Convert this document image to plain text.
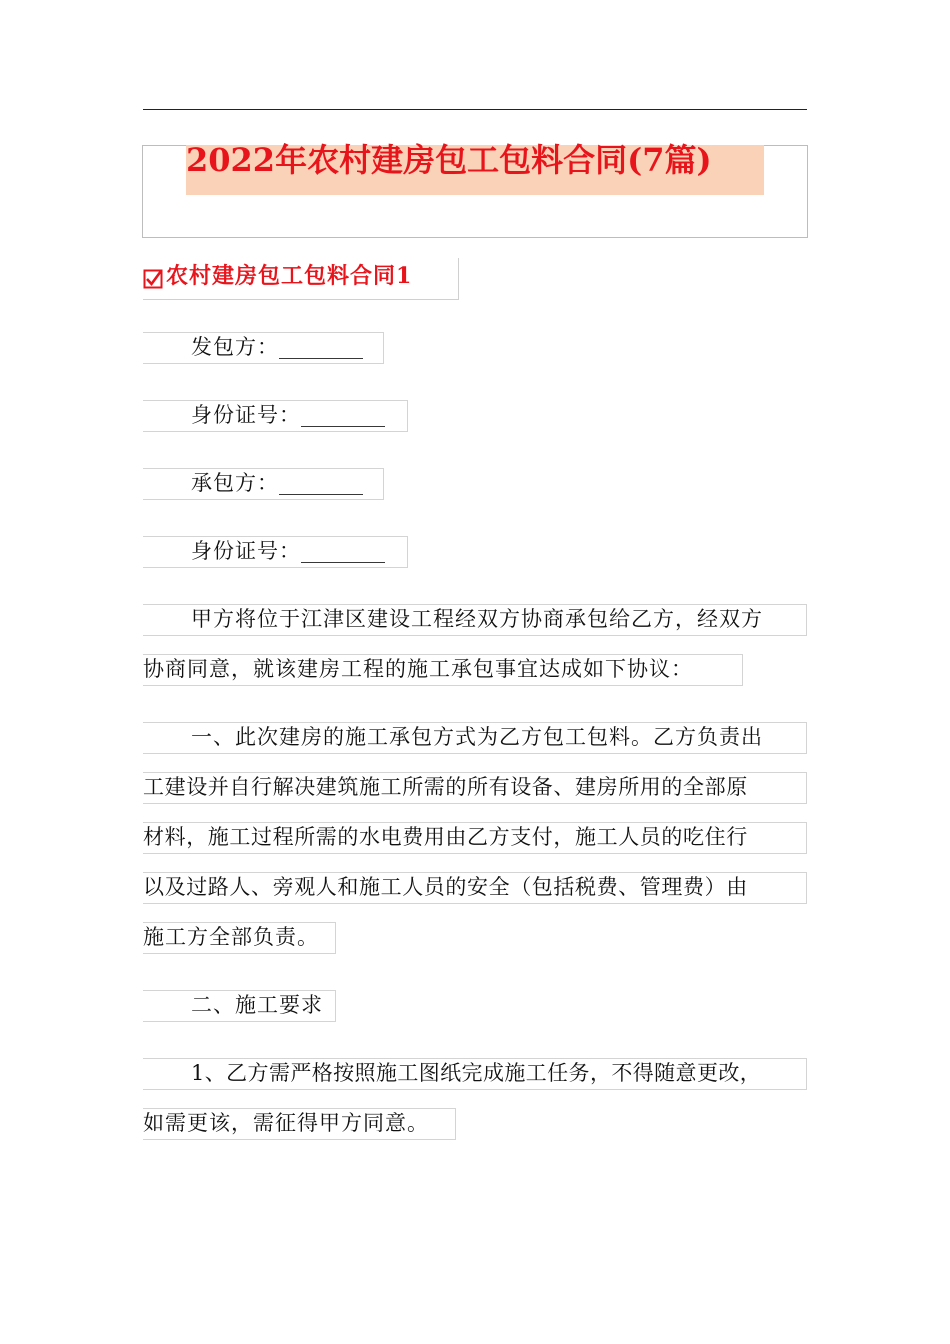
2022年农村建房包工包料合同(7篇)
农村建房包工包料合同1
发包方：________
身份证号：________
承包方：________
身份证号：________
甲方将位于江津区建设工程经双方协商承包给乙方，经双方
协商同意，就该建房工程的施工承包事宜达成如下协议：
一、此次建房的施工承包方式为乙方包工包料。乙方负责出
工建设并自行解决建筑施工所需的所有设备、建房所用的全部原
材料，施工过程所需的水电费用由乙方支付，施工人员的吃住行
以及过路人、旁观人和施工人员的安全（包括税费、管理费）由
施工方全部负责。
二、施工要求
1、乙方需严格按照施工图纸完成施工任务，不得随意更改，
如需更该，需征得甲方同意。
